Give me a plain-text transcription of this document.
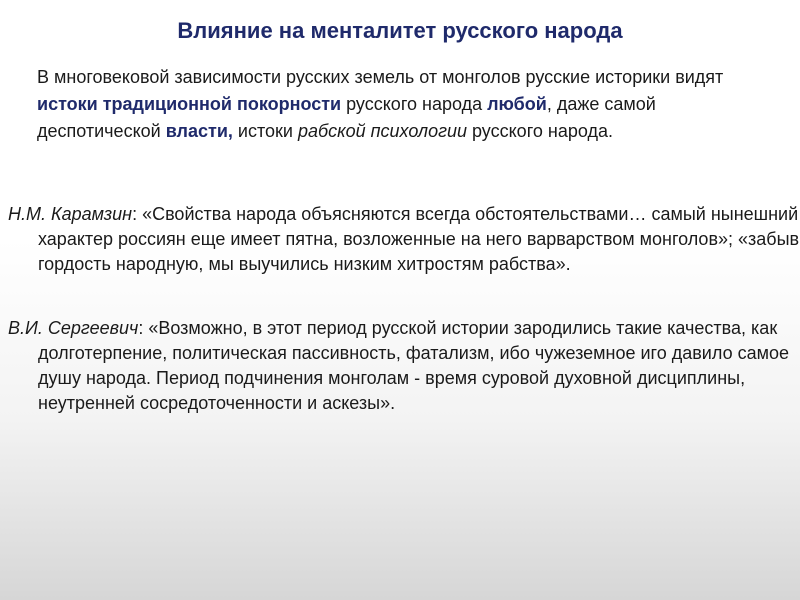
Влияние на менталитет русского народа
В многовековой зависимости русских земель от монголов русские историки видят истоки традиционной покорности русского народа любой, даже самой деспотической власти, истоки рабской психологии русского народа.
Н.М. Карамзин: «Свойства народа объясняются всегда обстоятельствами… самый нынешний характер россиян еще имеет пятна, возложенные на него варварством монголов»; «забыв гордость народную, мы выучились низким хитростям рабства».
В.И. Сергеевич: «Возможно, в этот период русской истории зародились такие качества, как долготерпение, политическая пассивность, фатализм, ибо чужеземное иго давило самое душу народа. Период подчинения монголам - время суровой духовной дисциплины, неутренней сосредоточенности и аскезы».
